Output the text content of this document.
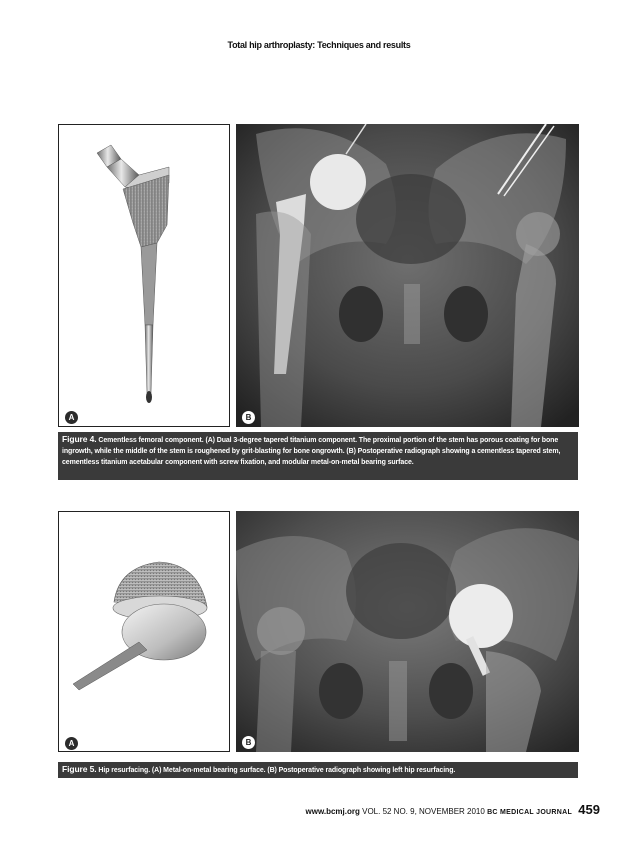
Total hip arthroplasty: Techniques and results
A	B
Figure 4. Cementless femoral component. (A) Dual 3-degree tapered titanium component. The proximal portion of the stem has porous coating for bone ingrowth, while the middle of the stem is roughened by grit-blasting for bone ongrowth. (B) Postoperative radiograph showing a cementless tapered stem, cementless titanium acetabular component with screw fixation, and modular metal-on-metal bearing surface.
A	B
Figure 5. Hip resurfacing. (A) Metal-on-metal bearing surface. (B) Postoperative radiograph showing left hip resurfacing.
www.bcmj.org VOL. 52 NO. 9, NOVEMBER 2010 BC MEDICAL JOURNAL 459
